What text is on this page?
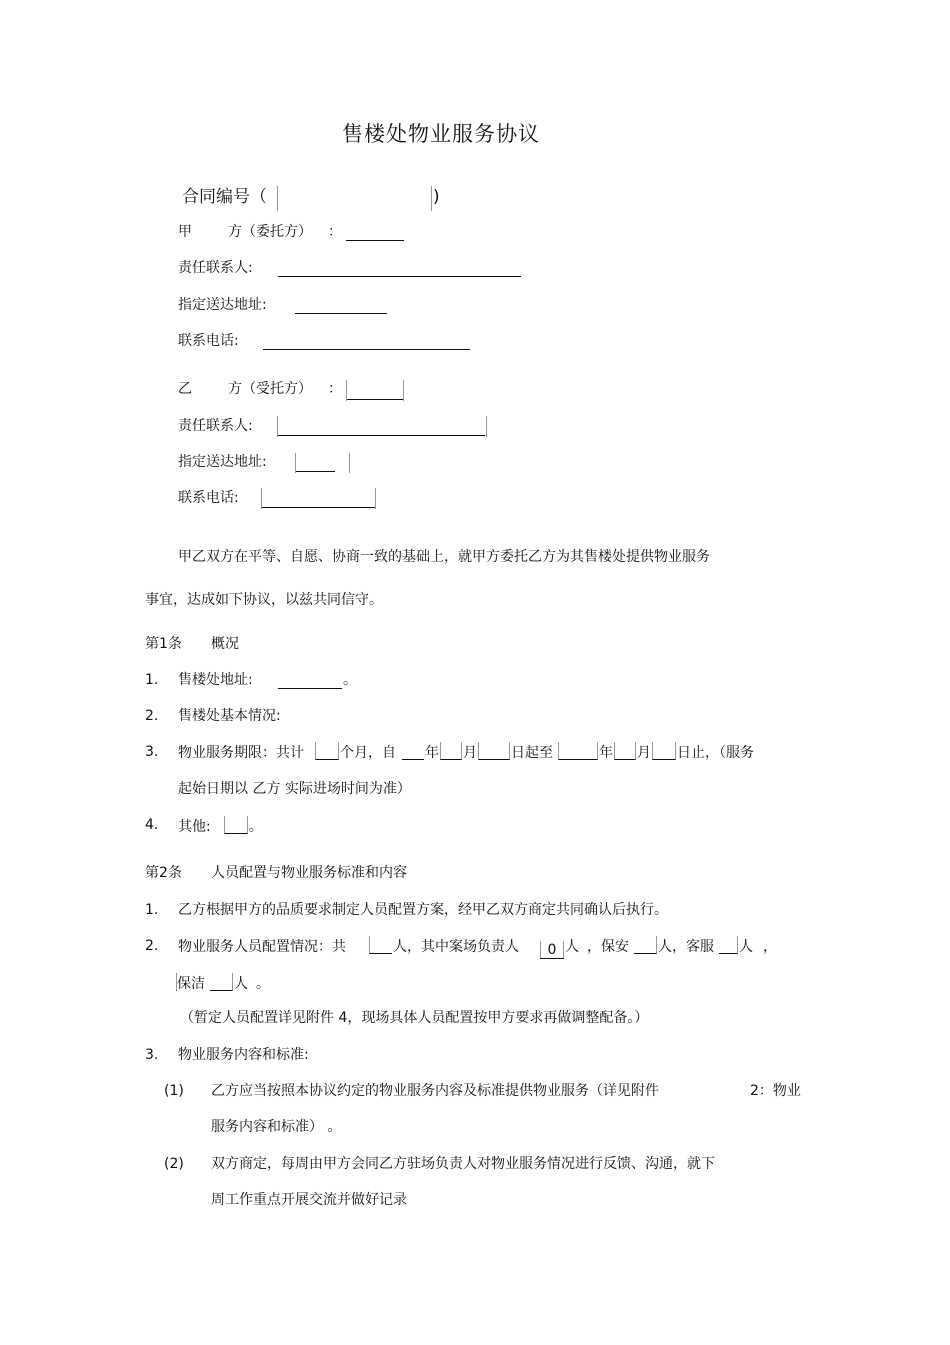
售楼处物业服务协议
合同编号（	)
甲	方（委托方） ：
责任联系人:
指定送达地址:
联系电话:
乙	方（受托方） ：
责任联系人:
指定送达地址:
联系电话:
甲乙双方在平等、自愿、协商一致的基础上，就甲方委托乙方为其售楼处提供物业服务
事宜，达成如下协议，以兹共同信守。
第1条 概况
1. 售楼处地址:	。
2. 售楼处基本情况:
3. 物业服务期限：共计	个月，自 年 月 日起至	年 月 日止，（服务
起始日期以 乙方 实际进场时间为准）
4. 其他:	。
第2条 人员配置与物业服务标准和内容
1. 乙方根据甲方的品质要求制定人员配置方案，经甲乙双方商定共同确认后执行。
2. 物业服务人员配置情况：共	人，其中案场负责人 0 人 ，保安 人，客服 人 ，
保洁 人 。
（暂定人员配置详见附件 4，现场具体人员配置按甲方要求再做调整配备。）
3. 物业服务内容和标准:
(1) 乙方应当按照本协议约定的物业服务内容及标准提供物业服务（详见附件	2：物业
服务内容和标准） 。
(2) 双方商定，每周由甲方会同乙方驻场负责人对物业服务情况进行反馈、沟通，就下
周工作重点开展交流并做好记录
